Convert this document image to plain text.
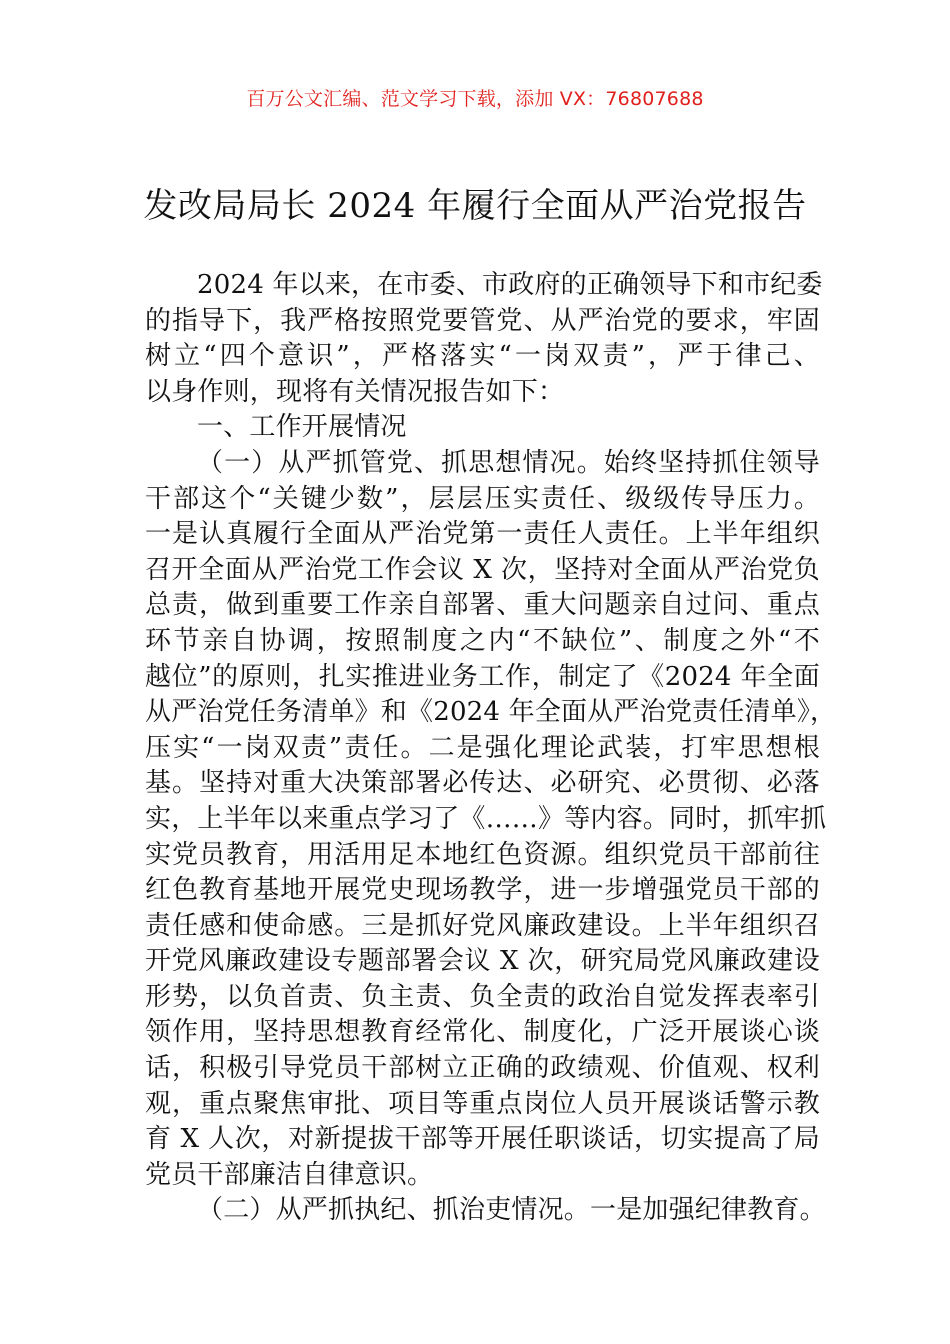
百万公文汇编、范文学习下载，添加 VX：76807688
发改局局长 2024 年履行全面从严治党报告
2024 年以来，在市委、市政府的正确领导下和市纪委
的指导下，我严格按照党要管党、从严治党的要求，牢固
树立“四个意识”，严格落实“一岗双责”，严于律己、
以身作则，现将有关情况报告如下：
一、工作开展情况
（一）从严抓管党、抓思想情况。始终坚持抓住领导
干部这个“关键少数”，层层压实责任、级级传导压力。
一是认真履行全面从严治党第一责任人责任。上半年组织
召开全面从严治党工作会议 X 次，坚持对全面从严治党负
总责，做到重要工作亲自部署、重大问题亲自过问、重点
环节亲自协调，按照制度之内“不缺位”、制度之外“不
越位”的原则，扎实推进业务工作，制定了《2024 年全面
从严治党任务清单》和《2024 年全面从严治党责任清单》，
压实“一岗双责”责任。二是强化理论武装，打牢思想根
基。坚持对重大决策部署必传达、必研究、必贯彻、必落
实，上半年以来重点学习了《……》等内容。同时，抓牢抓
实党员教育，用活用足本地红色资源。组织党员干部前往
红色教育基地开展党史现场教学，进一步增强党员干部的
责任感和使命感。三是抓好党风廉政建设。上半年组织召
开党风廉政建设专题部署会议 X 次，研究局党风廉政建设
形势，以负首责、负主责、负全责的政治自觉发挥表率引
领作用，坚持思想教育经常化、制度化，广泛开展谈心谈
话，积极引导党员干部树立正确的政绩观、价值观、权利
观，重点聚焦审批、项目等重点岗位人员开展谈话警示教
育 X 人次，对新提拔干部等开展任职谈话，切实提高了局
党员干部廉洁自律意识。
（二）从严抓执纪、抓治吏情况。一是加强纪律教育。
